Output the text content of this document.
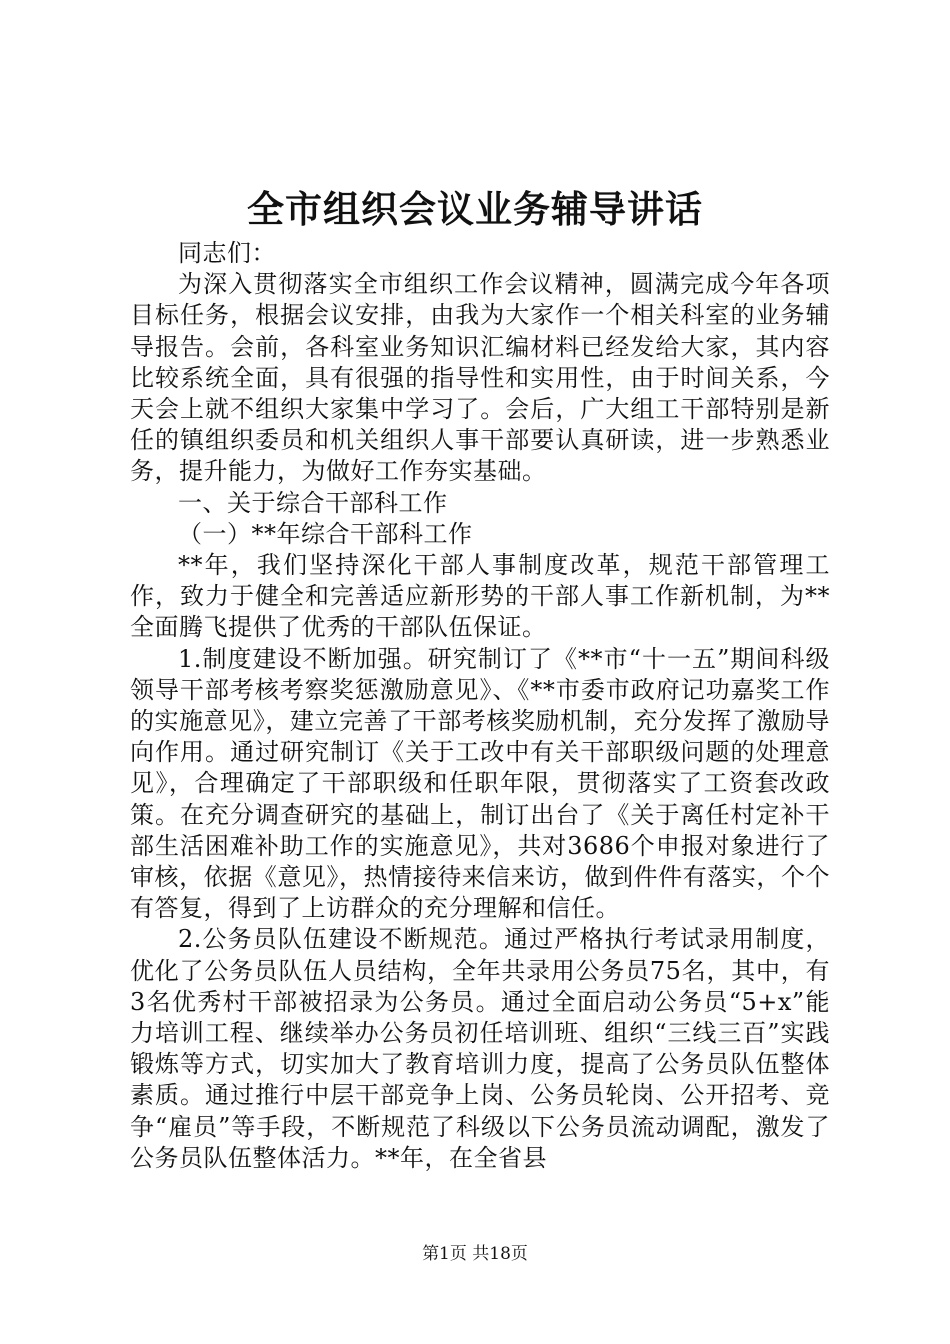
全市组织会议业务辅导讲话

同志们：

为深入贯彻落实全市组织工作会议精神，圆满完成今年各项目标任务，根据会议安排，由我为大家作一个相关科室的业务辅导报告。会前，各科室业务知识汇编材料已经发给大家，其内容比较系统全面，具有很强的指导性和实用性，由于时间关系，今天会上就不组织大家集中学习了。会后，广大组工干部特别是新任的镇组织委员和机关组织人事干部要认真研读，进一步熟悉业务，提升能力，为做好工作夯实基础。

一、关于综合干部科工作

（一）**年综合干部科工作

**年，我们坚持深化干部人事制度改革，规范干部管理工作，致力于健全和完善适应新形势的干部人事工作新机制，为**全面腾飞提供了优秀的干部队伍保证。

1.制度建设不断加强。研究制订了《**市“十一五”期间科级领导干部考核考察奖惩激励意见》、《**市委市政府记功嘉奖工作的实施意见》，建立完善了干部考核奖励机制，充分发挥了激励导向作用。通过研究制订《关于工改中有关干部职级问题的处理意见》，合理确定了干部职级和任职年限，贯彻落实了工资套改政策。在充分调查研究的基础上，制订出台了《关于离任村定补干部生活困难补助工作的实施意见》，共对3686个申报对象进行了审核，依据《意见》，热情接待来信来访，做到件件有落实，个个有答复，得到了上访群众的充分理解和信任。

2.公务员队伍建设不断规范。通过严格执行考试录用制度，优化了公务员队伍人员结构，全年共录用公务员75名，其中，有3名优秀村干部被招录为公务员。通过全面启动公务员“5+x”能力培训工程、继续举办公务员初任培训班、组织“三线三百”实践锻炼等方式，切实加大了教育培训力度，提高了公务员队伍整体素质。通过推行中层干部竞争上岗、公务员轮岗、公开招考、竞争“雇员”等手段，不断规范了科级以下公务员流动调配，激发了公务员队伍整体活力。**年，在全省县

第1页 共18页
